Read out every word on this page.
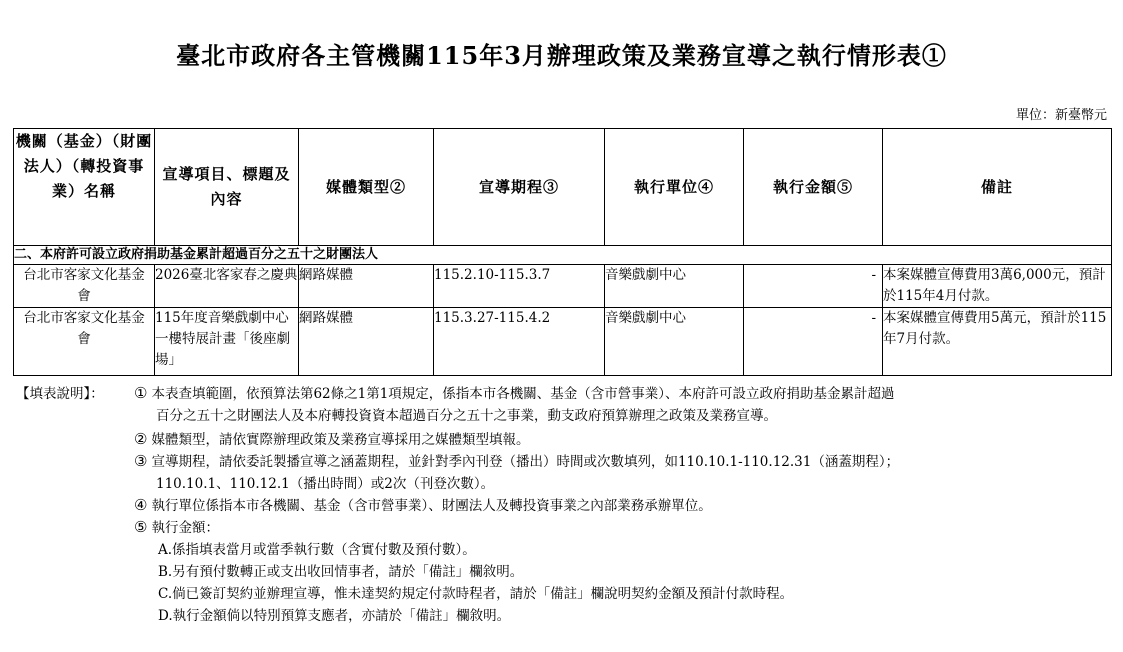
臺北市政府各主管機關115年3月辦理政策及業務宣導之執行情形表①
單位：新臺幣元
機關（基金）（財團法人）（轉投資事業）名稱	宣導項目、標題及內容	媒體類型②	宣導期程③	執行單位④	執行金額⑤	備註
二、本府許可設立政府捐助基金累計超過百分之五十之財團法人						
台北市客家文化基金會	2026臺北客家春之慶典	網路媒體	115.2.10-115.3.7	音樂戲劇中心	-	本案媒體宣傳費用3萬6,000元，預計於115年4月付款。
台北市客家文化基金會	115年度音樂戲劇中心一樓特展計畫「後座劇場」	網路媒體	115.3.27-115.4.2	音樂戲劇中心	-	本案媒體宣傳費用5萬元，預計於115年7月付款。
【填表說明】： ① 本表查填範圍，依預算法第62條之1第1項規定，係指本市各機關、基金（含市營事業）、本府許可設立政府捐助基金累計超過
百分之五十之財團法人及本府轉投資資本超過百分之五十之事業，動支政府預算辦理之政策及業務宣導。
② 媒體類型，請依實際辦理政策及業務宣導採用之媒體類型填報。
③ 宣導期程，請依委託製播宣導之涵蓋期程，並針對季內刊登（播出）時間或次數填列，如110.10.1-110.12.31（涵蓋期程）；
110.10.1、110.12.1（播出時間）或2次（刊登次數）。
④ 執行單位係指本市各機關、基金（含市營事業）、財團法人及轉投資事業之內部業務承辦單位。
⑤ 執行金額：
A.係指填表當月或當季執行數（含實付數及預付數）。
B.另有預付數轉正或支出收回情事者，請於「備註」欄敘明。
C.倘已簽訂契約並辦理宣導，惟未達契約規定付款時程者，請於「備註」欄說明契約金額及預計付款時程。
D.執行金額倘以特別預算支應者，亦請於「備註」欄敘明。
